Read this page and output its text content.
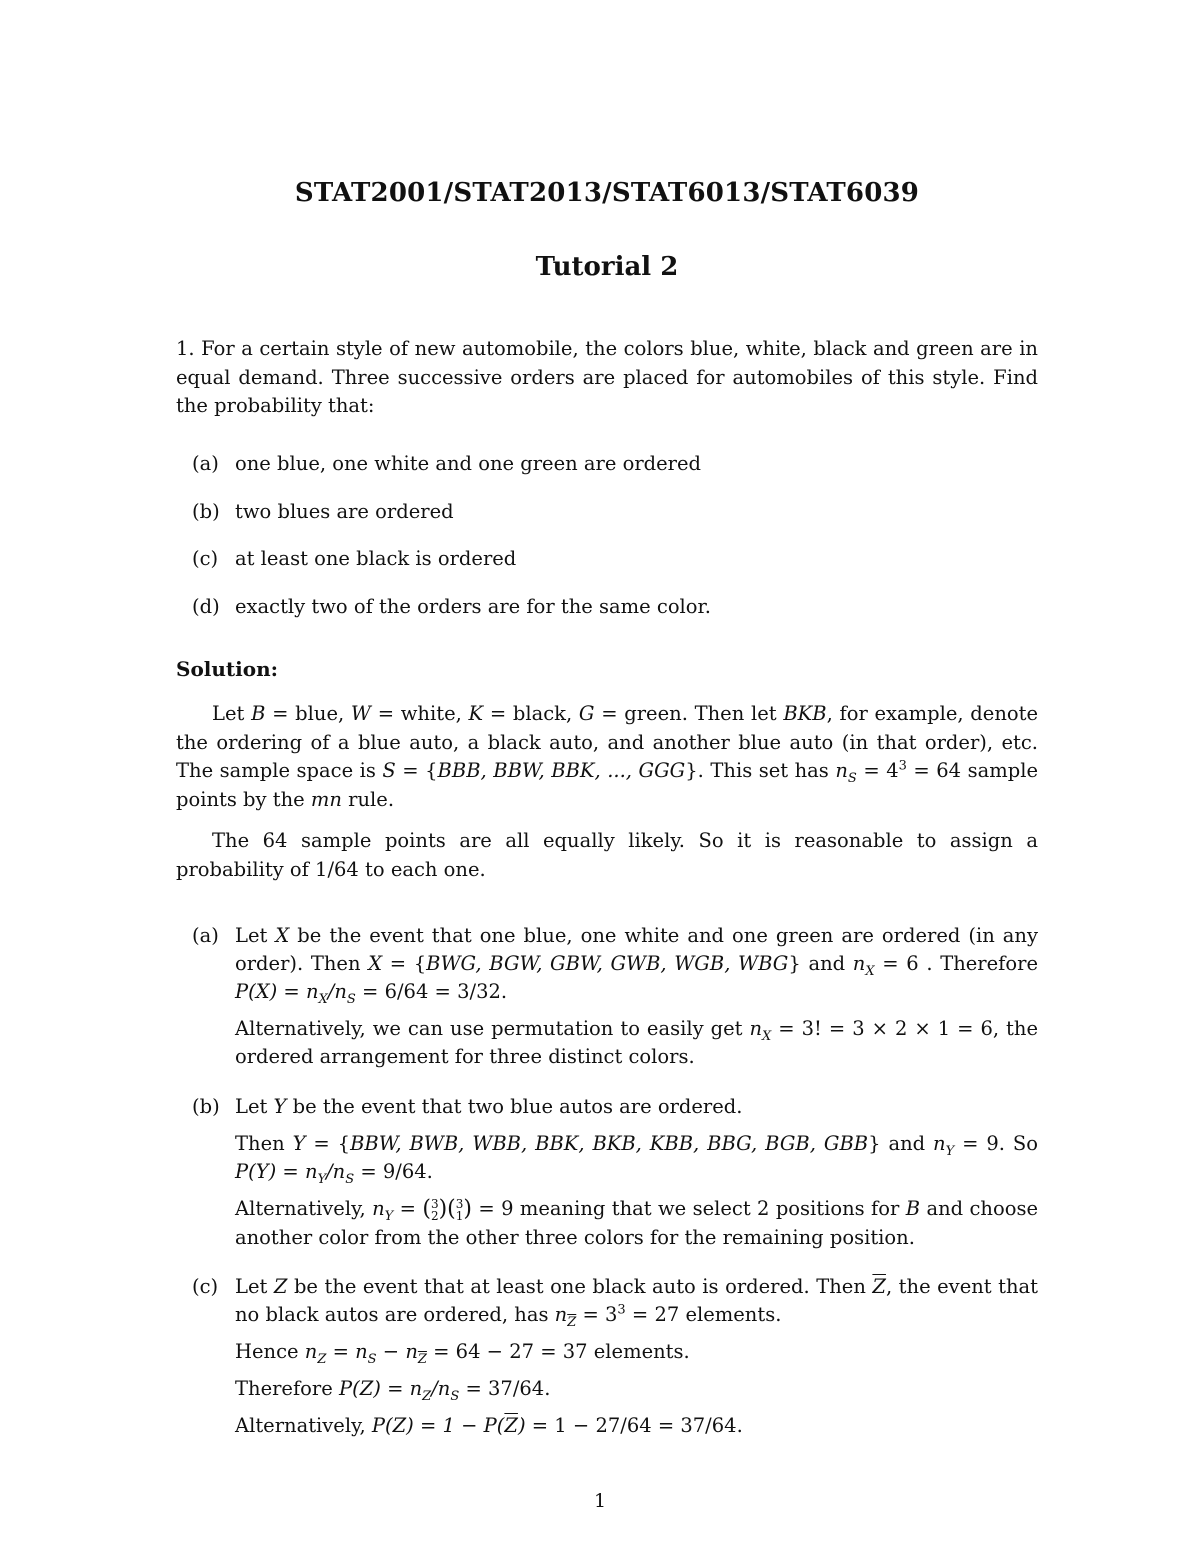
STAT2001/STAT2013/STAT6013/STAT6039
Tutorial 2
1. For a certain style of new automobile, the colors blue, white, black and green are in equal demand. Three successive orders are placed for automobiles of this style. Find the probability that:
(a) one blue, one white and one green are ordered
(b) two blues are ordered
(c) at least one black is ordered
(d) exactly two of the orders are for the same color.
Solution:
Let B = blue, W = white, K = black, G = green. Then let BKB, for example, denote the ordering of a blue auto, a black auto, and another blue auto (in that order), etc. The sample space is S = {BBB, BBW, BBK, ..., GGG}. This set has $n_S = 4^3 = 64$ sample points by the mn rule.
The 64 sample points are all equally likely. So it is reasonable to assign a probability of 1/64 to each one.
(a) Let X be the event that one blue, one white and one green are ordered (in any order). Then X = {BWG, BGW, GBW, GWB, WGB, WBG} and $n_X = 6$ . Therefore $P(X) = n_X/n_S = 6/64 = 3/32$.

Alternatively, we can use permutation to easily get $n_X = 3$! = 3 × 2 × 1 = 6, the ordered arrangement for three distinct colors.

(b) Let Y be the event that two blue autos are ordered.

Then Y = {BBW, BWB, WBB, BBK, BKB, KBB, BBG, BGB, GBB} and $n_Y = 9$. So $P(Y) = n_Y/n_S = 9/64$.

Alternatively, $n_Y$ = ( 3
2 )( 3
1 ) = 9 meaning that we select 2 positions for B and choose another color from the other three colors for the remaining position.

(c) Let Z be the event that at least one black auto is ordered. Then $\overline{Z}$, the event that no black autos are ordered, has $n_{\overline{Z}} = 3^3 = 27$ elements.

Hence $n_Z = n_S - n_{\overline{Z}} = 64 - 27 = 37$ elements.

Therefore $P(Z) = n_Z/n_S = 37/64$.

Alternatively, $P(Z) = 1 - P(\overline{Z}) = 1 - 27/64 = 37/64$.

1
